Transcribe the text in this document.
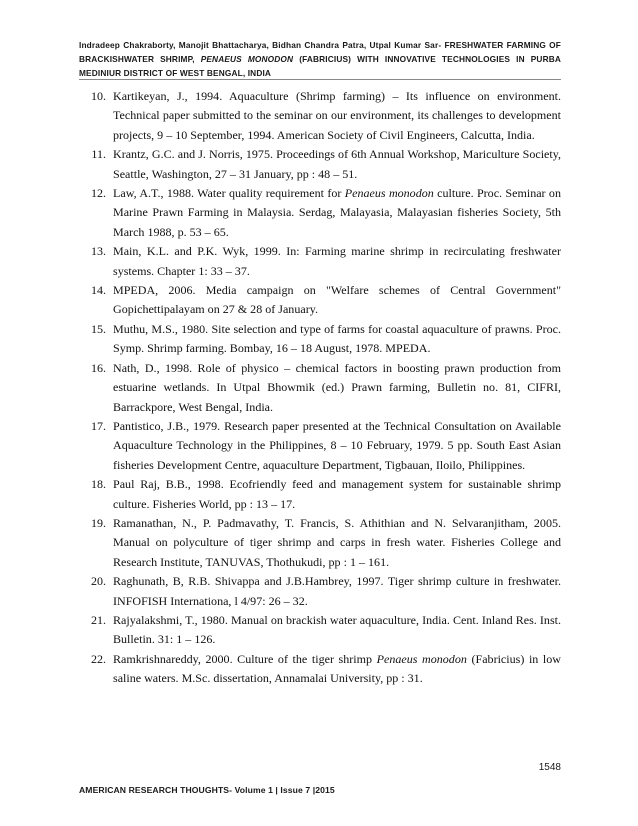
Indradeep Chakraborty, Manojit Bhattacharya, Bidhan Chandra Patra, Utpal Kumar Sar- FRESHWATER FARMING OF BRACKISHWATER SHRIMP, PENAEUS MONODON (FABRICIUS) WITH INNOVATIVE TECHNOLOGIES IN PURBA MEDINIUR DISTRICT OF WEST BENGAL, INDIA
10. Kartikeyan, J., 1994. Aquaculture (Shrimp farming) – Its influence on environment. Technical paper submitted to the seminar on our environment, its challenges to development projects, 9 – 10 September, 1994. American Society of Civil Engineers, Calcutta, India.
11. Krantz, G.C. and J. Norris, 1975. Proceedings of 6th Annual Workshop, Mariculture Society, Seattle, Washington, 27 – 31 January, pp : 48 – 51.
12. Law, A.T., 1988. Water quality requirement for Penaeus monodon culture. Proc. Seminar on Marine Prawn Farming in Malaysia. Serdag, Malayasia, Malayasian fisheries Society, 5th March 1988, p. 53 – 65.
13. Main, K.L. and P.K. Wyk, 1999. In: Farming marine shrimp in recirculating freshwater systems. Chapter 1: 33 – 37.
14. MPEDA, 2006. Media campaign on "Welfare schemes of Central Government" Gopichettipalayam on 27 & 28 of January.
15. Muthu, M.S., 1980. Site selection and type of farms for coastal aquaculture of prawns. Proc. Symp. Shrimp farming. Bombay, 16 – 18 August, 1978. MPEDA.
16. Nath, D., 1998. Role of physico – chemical factors in boosting prawn production from estuarine wetlands. In Utpal Bhowmik (ed.) Prawn farming, Bulletin no. 81, CIFRI, Barrackpore, West Bengal, India.
17. Pantistico, J.B., 1979. Research paper presented at the Technical Consultation on Available Aquaculture Technology in the Philippines, 8 – 10 February, 1979. 5 pp. South East Asian fisheries Development Centre, aquaculture Department, Tigbauan, Iloilo, Philippines.
18. Paul Raj, B.B., 1998. Ecofriendly feed and management system for sustainable shrimp culture. Fisheries World, pp : 13 – 17.
19. Ramanathan, N., P. Padmavathy, T. Francis, S. Athithian and N. Selvaranjitham, 2005. Manual on polyculture of tiger shrimp and carps in fresh water. Fisheries College and Research Institute, TANUVAS, Thothukudi, pp : 1 – 161.
20. Raghunath, B, R.B. Shivappa and J.B.Hambrey, 1997. Tiger shrimp culture in freshwater. INFOFISH Internationa, l 4/97: 26 – 32.
21. Rajyalakshmi, T., 1980. Manual on brackish water aquaculture, India. Cent. Inland Res. Inst. Bulletin. 31: 1 – 126.
22. Ramkrishnareddy, 2000. Culture of the tiger shrimp Penaeus monodon (Fabricius) in low saline waters. M.Sc. dissertation, Annamalai University, pp : 31.
1548
AMERICAN RESEARCH THOUGHTS- Volume 1 | Issue 7 |2015
